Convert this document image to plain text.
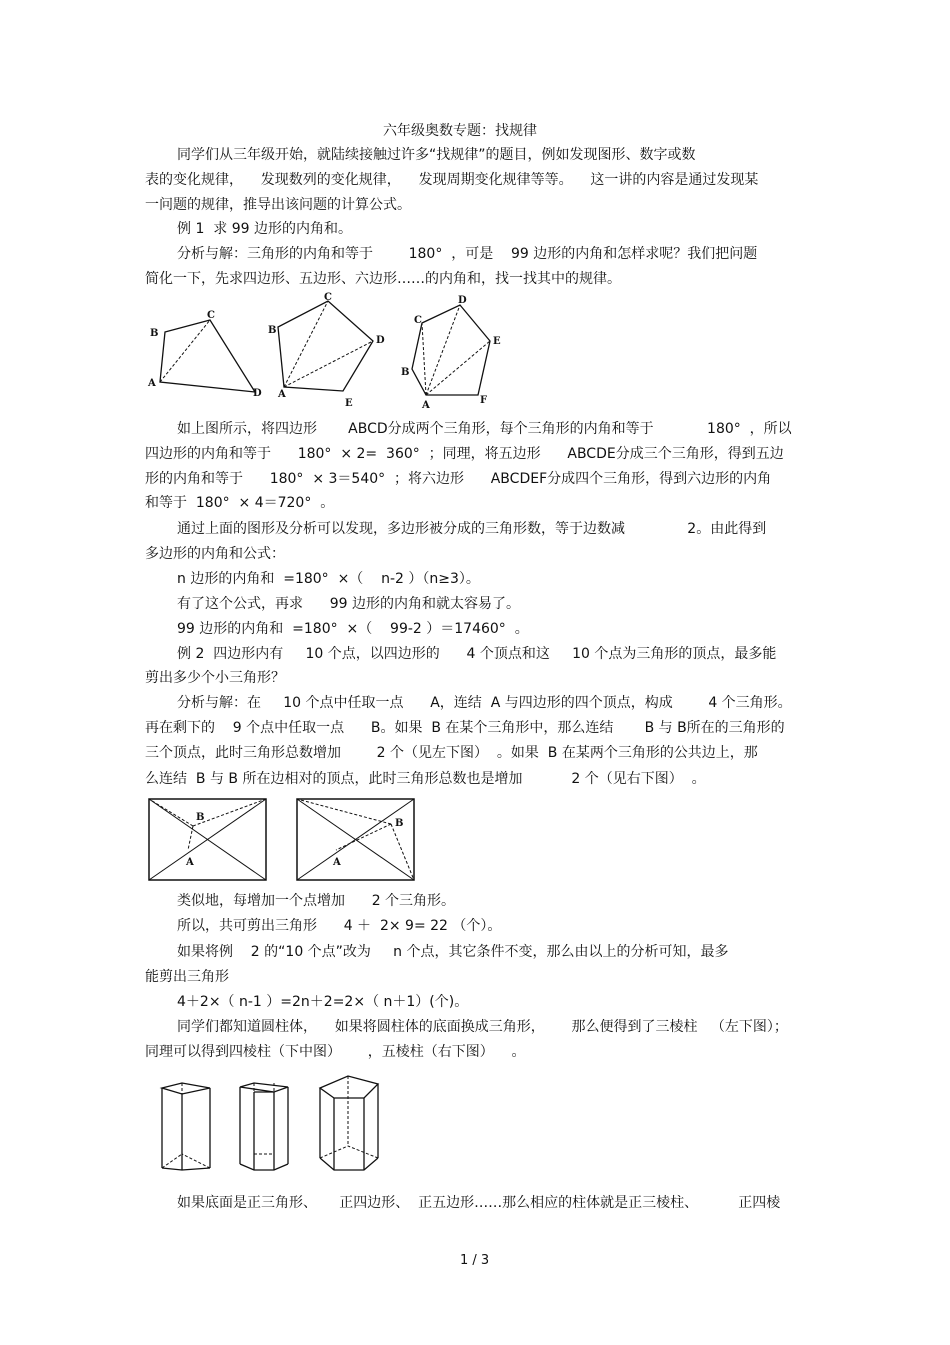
六年级奥数专题：找规律
同学们从三年级开始，就陆续接触过许多“找规律”的题目，例如发现图形、数字或数
表的变化规律，    发现数列的变化规律，    发现周期变化规律等等。    这一讲的内容是通过发现某
一问题的规律，推导出该问题的计算公式。
例 1  求 99 边形的内角和。
分析与解：三角形的内角和等于        180°  ，可是    99 边形的内角和怎样求呢？我们把问题
简化一下，先求四边形、五边形、六边形……的内角和，找一找其中的规律。
A
B
C
D A
B
C
D
E	A
B
C
D
E
F
如上图所示，将四边形       ABCD分成两个三角形，每个三角形的内角和等于            180°  ，所以
四边形的内角和等于      180°  × 2=  360°  ；同理，将五边形      ABCDE分成三个三角形，得到五边
形的内角和等于      180°  × 3＝540°  ；将六边形      ABCDEF分成四个三角形，得到六边形的内角
和等于  180°  × 4＝720°  。
通过上面的图形及分析可以发现，多边形被分成的三角形数，等于边数减              2。由此得到
多边形的内角和公式：
n 边形的内角和  =180°  ×（    n-2 ）（n≥3）。
有了这个公式，再求      99 边形的内角和就太容易了。
99 边形的内角和  =180°  ×（    99-2 ）＝17460°  。
例 2  四边形内有     10 个点，以四边形的      4 个顶点和这     10 个点为三角形的顶点，最多能
剪出多少个小三角形？
分析与解：在     10 个点中任取一点      A，连结  A 与四边形的四个顶点，构成        4 个三角形。
再在剩下的    9 个点中任取一点      B。如果  B 在某个三角形中，那么连结       B 与 B所在的三角形的
三个顶点，此时三角形总数增加        2 个（见左下图）  。如果  B 在某两个三角形的公共边上，那
么连结  B 与 B 所在边相对的顶点，此时三角形总数也是增加           2 个（见右下图）  。
B
A
B
A
类似地，每增加一个点增加      2 个三角形。
所以，共可剪出三角形      4 ＋  2× 9= 22 （个）。
如果将例    2 的“10 个点”改为     n 个点，其它条件不变，那么由以上的分析可知，最多
能剪出三角形
4＋2×（ n-1 ）=2n＋2=2×（ n＋1）(个)。
同学们都知道圆柱体，    如果将圆柱体的底面换成三角形，      那么便得到了三棱柱   （左下图）；
同理可以得到四棱柱（下中图）      ，五棱柱（右下图）    。
如果底面是正三角形、     正四边形、  正五边形……那么相应的柱体就是正三棱柱、         正四棱
1 / 3
